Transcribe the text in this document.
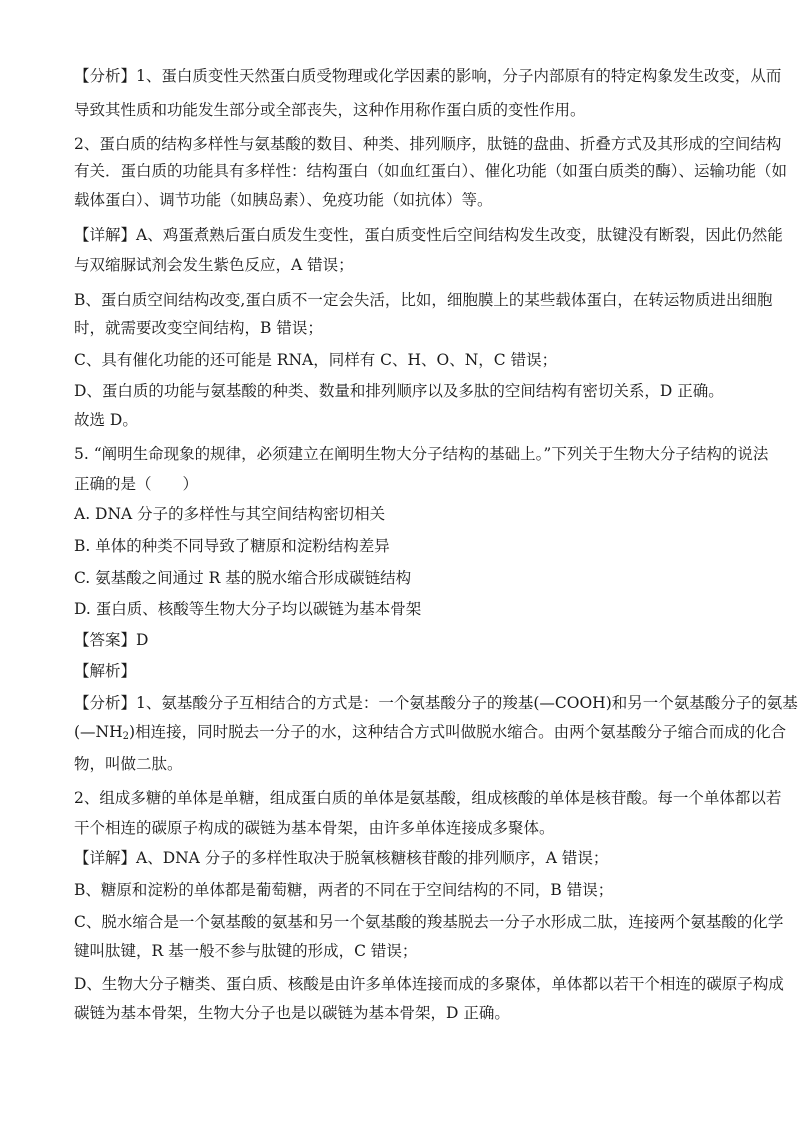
【分析】1、蛋白质变性天然蛋白质受物理或化学因素的影响，分子内部原有的特定构象发生改变，从而
导致其性质和功能发生部分或全部丧失，这种作用称作蛋白质的变性作用。
2、蛋白质的结构多样性与氨基酸的数目、种类、排列顺序，肽链的盘曲、折叠方式及其形成的空间结构
有关．蛋白质的功能具有多样性：结构蛋白（如血红蛋白）、催化功能（如蛋白质类的酶）、运输功能（如
载体蛋白）、调节功能（如胰岛素）、免疫功能（如抗体）等。
【详解】A、鸡蛋煮熟后蛋白质发生变性，蛋白质变性后空间结构发生改变，肽键没有断裂，因此仍然能
与双缩脲试剂会发生紫色反应，A 错误；
B、蛋白质空间结构改变,蛋白质不一定会失活，比如，细胞膜上的某些载体蛋白，在转运物质进出细胞
时，就需要改变空间结构，B 错误；
C、具有催化功能的还可能是 RNA，同样有 C、H、O、N，C 错误；
D、蛋白质的功能与氨基酸的种类、数量和排列顺序以及多肽的空间结构有密切关系，D 正确。
故选 D。
5. “阐明生命现象的规律，必须建立在阐明生物大分子结构的基础上。”下列关于生物大分子结构的说法
正确的是（　　）
A. DNA 分子的多样性与其空间结构密切相关
B. 单体的种类不同导致了糖原和淀粉结构差异
C. 氨基酸之间通过 R 基的脱水缩合形成碳链结构
D. 蛋白质、核酸等生物大分子均以碳链为基本骨架
【答案】D
【解析】
【分析】1、氨基酸分子互相结合的方式是：一个氨基酸分子的羧基(—COOH)和另一个氨基酸分子的氨基
$(—NH_2)$相连接，同时脱去一分子的水，这种结合方式叫做脱水缩合。由两个氨基酸分子缩合而成的化合
物，叫做二肽。
2、组成多糖的单体是单糖，组成蛋白质的单体是氨基酸，组成核酸的单体是核苷酸。每一个单体都以若
干个相连的碳原子构成的碳链为基本骨架，由许多单体连接成多聚体。
【详解】A、DNA 分子的多样性取决于脱氧核糖核苷酸的排列顺序，A 错误；
B、糖原和淀粉的单体都是葡萄糖，两者的不同在于空间结构的不同，B 错误；
C、脱水缩合是一个氨基酸的氨基和另一个氨基酸的羧基脱去一分子水形成二肽，连接两个氨基酸的化学
键叫肽键，R 基一般不参与肽键的形成，C 错误；
D、生物大分子糖类、蛋白质、核酸是由许多单体连接而成的多聚体，单体都以若干个相连的碳原子构成
碳链为基本骨架，生物大分子也是以碳链为基本骨架，D 正确。
